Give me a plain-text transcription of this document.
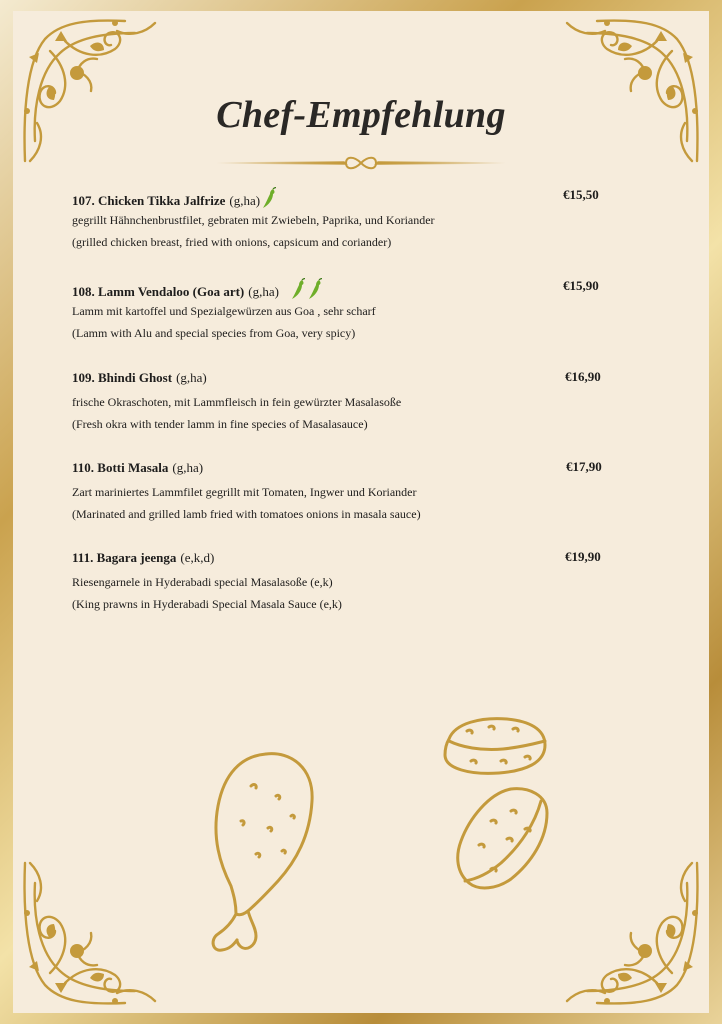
Chef-Empfehlung
107. Chicken Tikka Jalfrize (g,ha)	€15,50
gegrillt Hähnchenbrustfilet, gebraten mit Zwiebeln, Paprika, und Koriander
(grilled chicken breast, fried with onions, capsicum and coriander)
108. Lamm Vendaloo (Goa art) (g,ha)	€15,90
Lamm mit kartoffel und Spezialgewürzen aus Goa , sehr scharf
(Lamm with Alu and special species from Goa, very spicy)
109. Bhindi Ghost (g,ha)	€16,90
frische Okraschoten, mit Lammfleisch in fein gewürzter Masalasoße
(Fresh okra with tender lamm in fine species of Masalasauce)
110. Botti Masala (g,ha)	€17,90
Zart mariniertes Lammfilet gegrillt mit Tomaten, Ingwer und Koriander
(Marinated and grilled lamb fried with tomatoes onions in masala sauce)
111. Bagara jeenga (e,k,d)	€19,90
Riesengarnele in Hyderabadi special Masalasoße (e,k)
(King prawns in Hyderabadi Special Masala Sauce (e,k)
